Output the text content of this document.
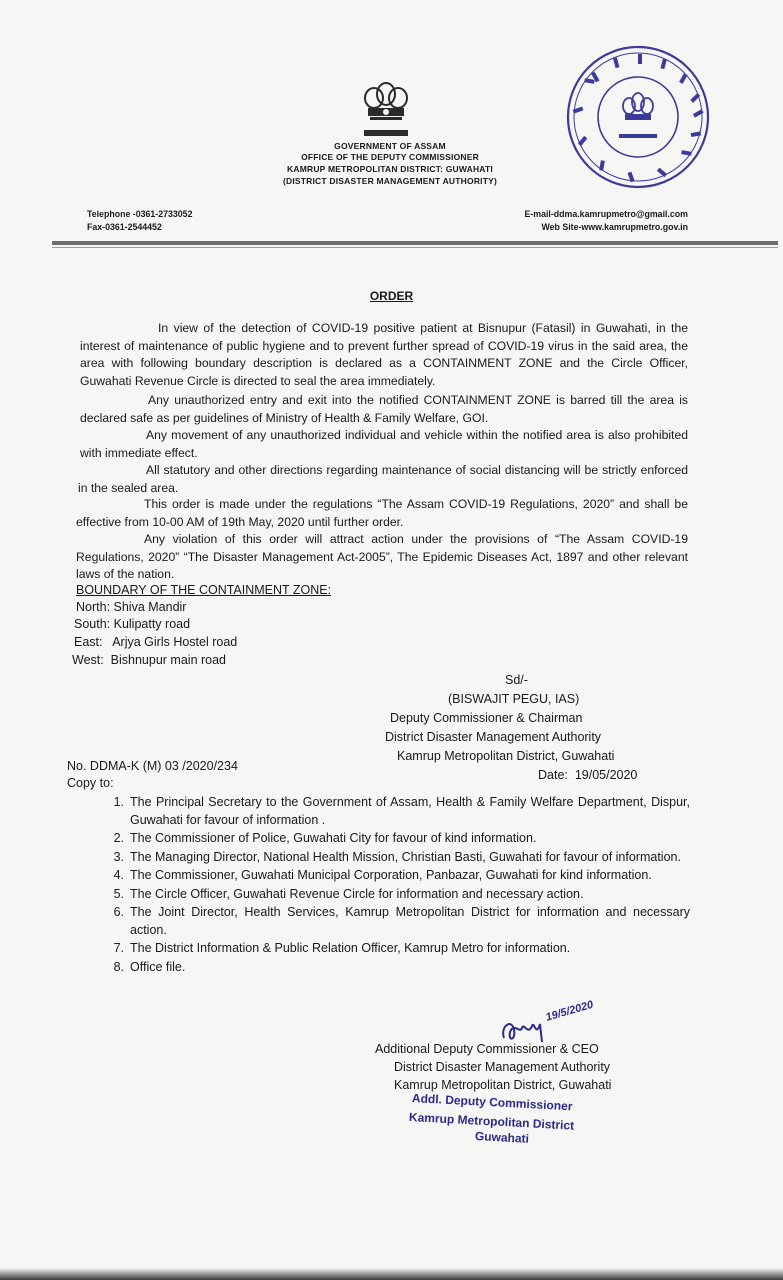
GOVERNMENT OF ASSAM
OFFICE OF THE DEPUTY COMMISSIONER
KAMRUP METROPOLITAN DISTRICT: GUWAHATI
(DISTRICT DISASTER MANAGEMENT AUTHORITY)
Telephone -0361-2733052
Fax-0361-2544452
E-mail-ddma.kamrupmetro@gmail.com
Web Site-www.kamrupmetro.gov.in
ORDER
In view of the detection of COVID-19 positive patient at Bisnupur (Fatasil) in Guwahati, in the interest of maintenance of public hygiene and to prevent further spread of COVID-19 virus in the said area, the area with following boundary description is declared as a CONTAINMENT ZONE and the Circle Officer, Guwahati Revenue Circle is directed to seal the area immediately.
Any unauthorized entry and exit into the notified CONTAINMENT ZONE is barred till the area is declared safe as per guidelines of Ministry of Health & Family Welfare, GOI.
Any movement of any unauthorized individual and vehicle within the notified area is also prohibited with immediate effect.
All statutory and other directions regarding maintenance of social distancing will be strictly enforced in the sealed area.
This order is made under the regulations “The Assam COVID-19 Regulations, 2020” and shall be effective from 10-00 AM of 19th May, 2020 until further order.
Any violation of this order will attract action under the provisions of “The Assam COVID-19 Regulations, 2020” “The Disaster Management Act-2005”, The Epidemic Diseases Act, 1897 and other relevant laws of the nation.
BOUNDARY OF THE CONTAINMENT ZONE:
North: Shiva Mandir
South: Kulipatty road
East:   Arjya Girls Hostel road
West:  Bishnupur main road
Sd/-
(BISWAJIT PEGU, IAS)
Deputy Commissioner & Chairman
District Disaster Management Authority
Kamrup Metropolitan District, Guwahati
No. DDMA-K (M) 03 /2020/234
Date:  19/05/2020
Copy to:
1. The Principal Secretary to the Government of Assam, Health & Family Welfare Department, Dispur, Guwahati for favour of information .
2. The Commissioner of Police, Guwahati City for favour of kind information.
3. The Managing Director, National Health Mission, Christian Basti, Guwahati for favour of information.
4. The Commissioner, Guwahati Municipal Corporation, Panbazar, Guwahati for kind information.
5. The Circle Officer, Guwahati Revenue Circle for information and necessary action.
6. The Joint Director, Health Services, Kamrup Metropolitan District for information and necessary action.
7. The District Information & Public Relation Officer, Kamrup Metro for information.
8. Office file.
19/5/2020
Additional Deputy Commissioner & CEO
District Disaster Management Authority
Kamrup Metropolitan District, Guwahati
Addl. Deputy Commissioner
Kamrup Metropolitan District
Guwahati
